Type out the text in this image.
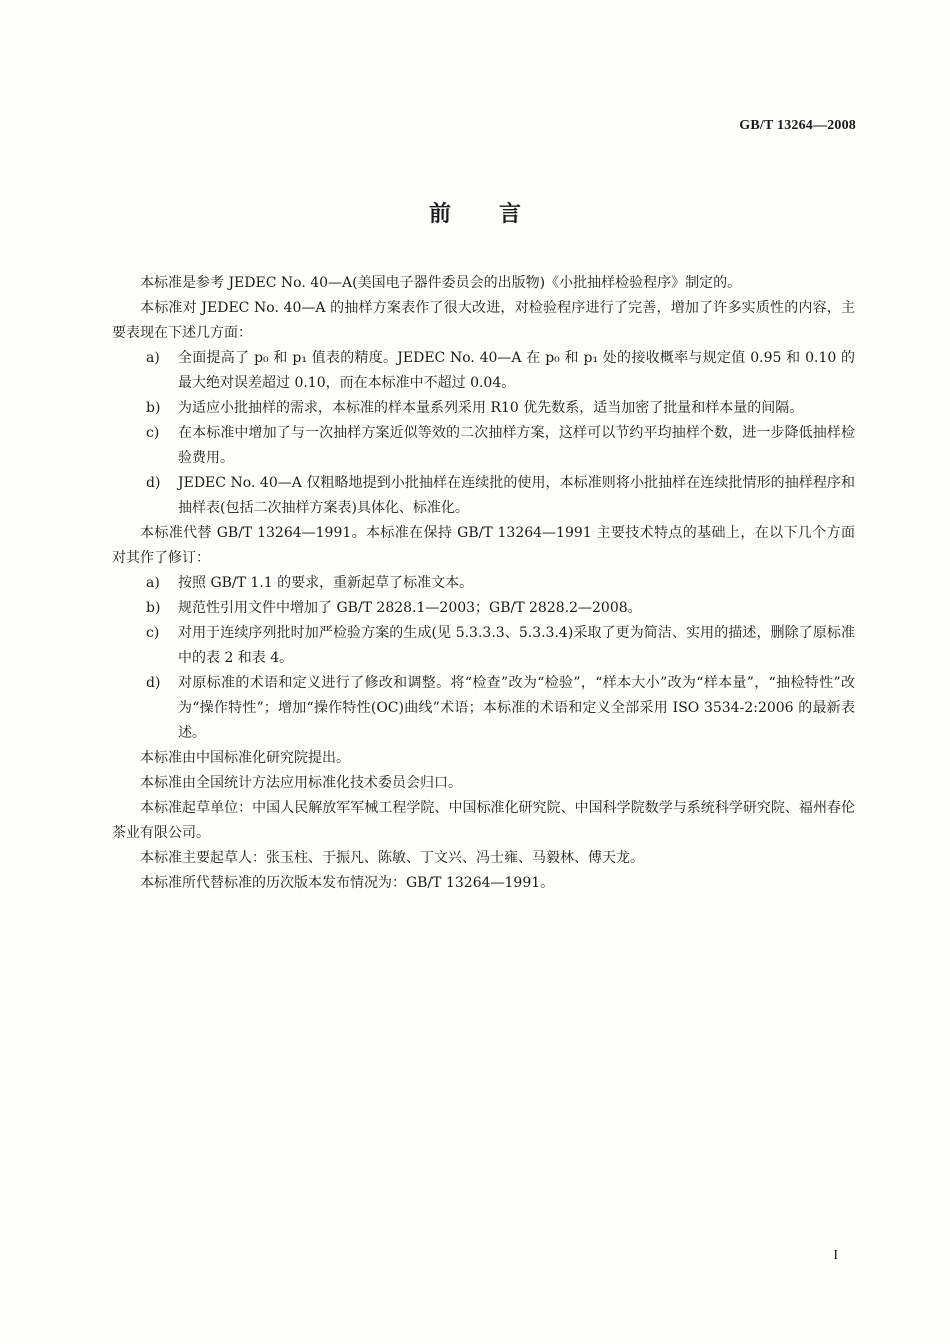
GB/T 13264—2008
前 言

本标准是参考 JEDEC No. 40—A(美国电子器件委员会的出版物)《小批抽样检验程序》制定的。

本标准对 JEDEC No. 40—A 的抽样方案表作了很大改进，对检验程序进行了完善，增加了许多实质性的内容，主要表现在下述几方面：

a)	全面提高了 p₀ 和 p₁ 值表的精度。JEDEC No. 40—A 在 p₀ 和 p₁ 处的接收概率与规定值 0.95 和 0.10 的最大绝对误差超过 0.10，而在本标准中不超过 0.04。
b)	为适应小批抽样的需求，本标准的样本量系列采用 R10 优先数系，适当加密了批量和样本量的间隔。
c)	在本标准中增加了与一次抽样方案近似等效的二次抽样方案，这样可以节约平均抽样个数，进一步降低抽样检验费用。
d)	JEDEC No. 40—A 仅粗略地提到小批抽样在连续批的使用，本标准则将小批抽样在连续批情形的抽样程序和抽样表(包括二次抽样方案表)具体化、标准化。

本标准代替 GB/T 13264—1991。本标准在保持 GB/T 13264—1991 主要技术特点的基础上，在以下几个方面对其作了修订：

a)	按照 GB/T 1.1 的要求，重新起草了标准文本。
b)	规范性引用文件中增加了 GB/T 2828.1—2003；GB/T 2828.2—2008。
c)	对用于连续序列批时加严检验方案的生成(见 5.3.3.3、5.3.3.4)采取了更为简洁、实用的描述，删除了原标准中的表 2 和表 4。
d)	对原标准的术语和定义进行了修改和调整。将“检查”改为“检验”，“样本大小”改为“样本量”，“抽检特性”改为“操作特性”；增加“操作特性(OC)曲线”术语；本标准的术语和定义全部采用 ISO 3534-2:2006 的最新表述。

本标准由中国标准化研究院提出。

本标准由全国统计方法应用标准化技术委员会归口。

本标准起草单位：中国人民解放军军械工程学院、中国标准化研究院、中国科学院数学与系统科学研究院、福州春伦茶业有限公司。

本标准主要起草人：张玉柱、于振凡、陈敏、丁文兴、冯士雍、马毅林、傅天龙。

本标准所代替标准的历次版本发布情况为：GB/T 13264—1991。

I
